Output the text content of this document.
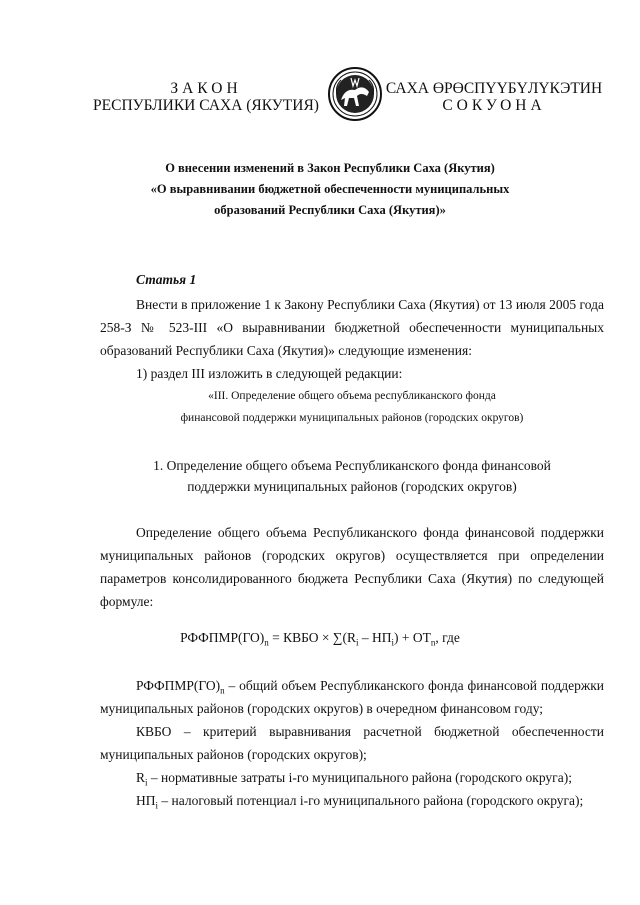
ЗАКОН
РЕСПУБЛИКИ САХА (ЯКУТИЯ)
САХА ӨРӨСПҮҮБҮЛҮКЭТИН
СОКУОНА
О внесении изменений в Закон Республики Саха (Якутия)
«О выравнивании бюджетной обеспеченности муниципальных
образований Республики Саха (Якутия)»
Статья 1
Внести в приложение 1 к Закону Республики Саха (Якутия) от 13 июля 2005 года
258-З № 523-III «О выравнивании бюджетной обеспеченности муниципальных
образований Республики Саха (Якутия)» следующие изменения:
1) раздел III изложить в следующей редакции:
«III. Определение общего объема республиканского фонда
финансовой поддержки муниципальных районов (городских округов)
1. Определение общего объема Республиканского фонда финансовой
поддержки муниципальных районов (городских округов)
Определение общего объема Республиканского фонда финансовой поддержки
муниципальных районов (городских округов) осуществляется при определении
параметров консолидированного бюджета Республики Саха (Якутия) по следующей
формуле:
$РФФПМР(ГО)_n$ = КВБО × $\sum(R_i - НП_i) + ОТ_n$, где
$РФФПМР(ГО)_n$ – общий объем Республиканского фонда финансовой поддержки
муниципальных районов (городских округов) в очередном финансовом году;
КВБО – критерий выравнивания расчетной бюджетной обеспеченности
муниципальных районов (городских округов);
$R_i$ – нормативные затраты i-го муниципального района (городского округа);
$НП_i$ – налоговый потенциал i-го муниципального района (городского округа);
